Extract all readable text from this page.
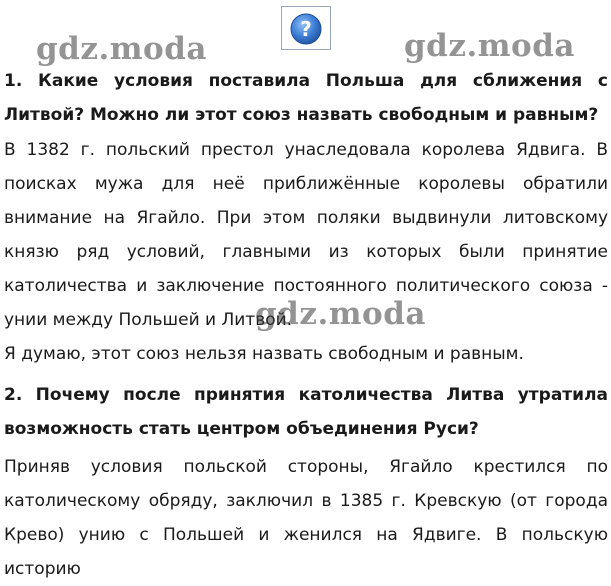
?
gdz.moda	gdz.moda
1. Какие условия поставила Польша для сближения с Литвой? Можно ли этот союз назвать свободным и равным?
В 1382 г. польский престол унаследовала королева Ядвига. В поисках мужа для неё приближённые королевы обратили внимание на Ягайло. При этом поляки выдвинули литовскому князю ряд условий, главными из которых были принятие католичества и заключение постоянного политического союза - унии между Польшей и Литвой.
Я думаю, этот союз нельзя назвать свободным и равным.
2. Почему после принятия католичества Литва утратила возможность стать центром объединения Руси?
Приняв условия польской стороны, Ягайло крестился по католическому обряду, заключил в 1385 г. Кревскую (от города Крево) унию с Польшей и женился на Ядвиге. В польскую историю
gdz.moda
